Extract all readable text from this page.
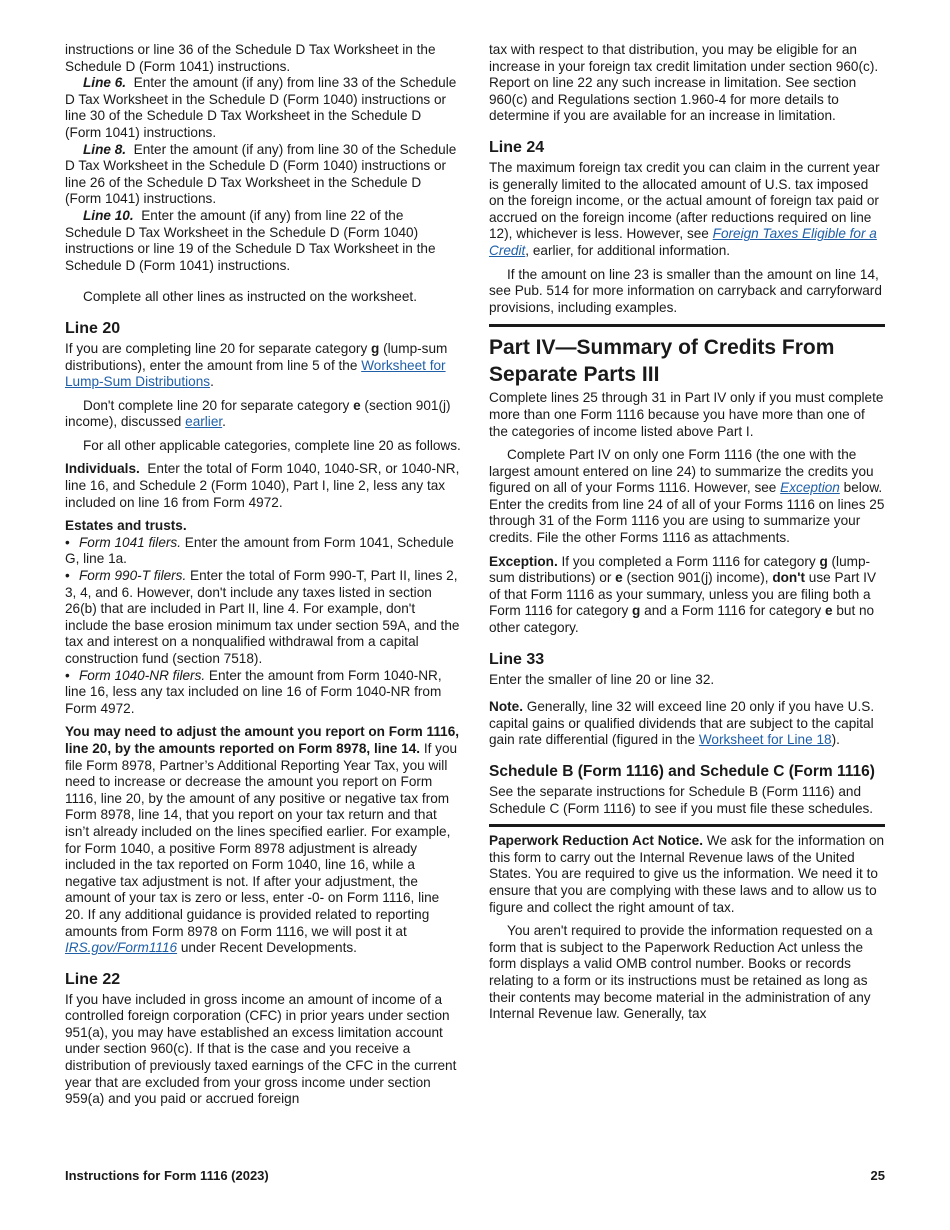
instructions or line 36 of the Schedule D Tax Worksheet in the Schedule D (Form 1041) instructions.

Line 6. Enter the amount (if any) from line 33 of the Schedule D Tax Worksheet in the Schedule D (Form 1040) instructions or line 30 of the Schedule D Tax Worksheet in the Schedule D (Form 1041) instructions.

Line 8. Enter the amount (if any) from line 30 of the Schedule D Tax Worksheet in the Schedule D (Form 1040) instructions or line 26 of the Schedule D Tax Worksheet in the Schedule D (Form 1041) instructions.

Line 10. Enter the amount (if any) from line 22 of the Schedule D Tax Worksheet in the Schedule D (Form 1040) instructions or line 19 of the Schedule D Tax Worksheet in the Schedule D (Form 1041) instructions.

Complete all other lines as instructed on the worksheet.

Line 20

If you are completing line 20 for separate category g (lump-sum distributions), enter the amount from line 5 of the Worksheet for Lump-Sum Distributions.

Don't complete line 20 for separate category e (section 901(j) income), discussed earlier.

For all other applicable categories, complete line 20 as follows.

Individuals. Enter the total of Form 1040, 1040-SR, or 1040-NR, line 16, and Schedule 2 (Form 1040), Part I, line 2, less any tax included on line 16 from Form 4972.

Estates and trusts.

• Form 1041 filers. Enter the amount from Form 1041, Schedule G, line 1a.

• Form 990-T filers. Enter the total of Form 990-T, Part II, lines 2, 3, 4, and 6. However, don't include any taxes listed in section 26(b) that are included in Part II, line 4. For example, don't include the base erosion minimum tax under section 59A, and the tax and interest on a nonqualified withdrawal from a capital construction fund (section 7518).

• Form 1040-NR filers. Enter the amount from Form 1040-NR, line 16, less any tax included on line 16 of Form 1040-NR from Form 4972.

You may need to adjust the amount you report on Form 1116, line 20, by the amounts reported on Form 8978, line 14. If you file Form 8978, Partner’s Additional Reporting Year Tax, you will need to increase or decrease the amount you report on Form 1116, line 20, by the amount of any positive or negative tax from Form 8978, line 14, that you report on your tax return and that isn’t already included on the lines specified earlier. For example, for Form 1040, a positive Form 8978 adjustment is already included in the tax reported on Form 1040, line 16, while a negative tax adjustment is not. If after your adjustment, the amount of your tax is zero or less, enter -0- on Form 1116, line 20. If any additional guidance is provided related to reporting amounts from Form 8978 on Form 1116, we will post it at IRS.gov/Form1116 under Recent Developments.

Line 22

If you have included in gross income an amount of income of a controlled foreign corporation (CFC) in prior years under section 951(a), you may have established an excess limitation account under section 960(c). If that is the case and you receive a distribution of previously taxed earnings of the CFC in the current year that are excluded from your gross income under section 959(a) and you paid or accrued foreign

tax with respect to that distribution, you may be eligible for an increase in your foreign tax credit limitation under section 960(c). Report on line 22 any such increase in limitation. See section 960(c) and Regulations section 1.960-4 for more details to determine if you are available for an increase in limitation.

Line 24

The maximum foreign tax credit you can claim in the current year is generally limited to the allocated amount of U.S. tax imposed on the foreign income, or the actual amount of foreign tax paid or accrued on the foreign income (after reductions required on line 12), whichever is less. However, see Foreign Taxes Eligible for a Credit, earlier, for additional information.

If the amount on line 23 is smaller than the amount on line 14, see Pub. 514 for more information on carryback and carryforward provisions, including examples.

Part IV—Summary of Credits From Separate Parts III

Complete lines 25 through 31 in Part IV only if you must complete more than one Form 1116 because you have more than one of the categories of income listed above Part I.

Complete Part IV on only one Form 1116 (the one with the largest amount entered on line 24) to summarize the credits you figured on all of your Forms 1116. However, see Exception below. Enter the credits from line 24 of all of your Forms 1116 on lines 25 through 31 of the Form 1116 you are using to summarize your credits. File the other Forms 1116 as attachments.

Exception. If you completed a Form 1116 for category g (lump-sum distributions) or e (section 901(j) income), don't use Part IV of that Form 1116 as your summary, unless you are filing both a Form 1116 for category g and a Form 1116 for category e but no other category.

Line 33

Enter the smaller of line 20 or line 32.

Note. Generally, line 32 will exceed line 20 only if you have U.S. capital gains or qualified dividends that are subject to the capital gain rate differential (figured in the Worksheet for Line 18).

Schedule B (Form 1116) and Schedule C (Form 1116)

See the separate instructions for Schedule B (Form 1116) and Schedule C (Form 1116) to see if you must file these schedules.

Paperwork Reduction Act Notice. We ask for the information on this form to carry out the Internal Revenue laws of the United States. You are required to give us the information. We need it to ensure that you are complying with these laws and to allow us to figure and collect the right amount of tax.

You aren't required to provide the information requested on a form that is subject to the Paperwork Reduction Act unless the form displays a valid OMB control number. Books or records relating to a form or its instructions must be retained as long as their contents may become material in the administration of any Internal Revenue law. Generally, tax

Instructions for Form 1116 (2023)	25
